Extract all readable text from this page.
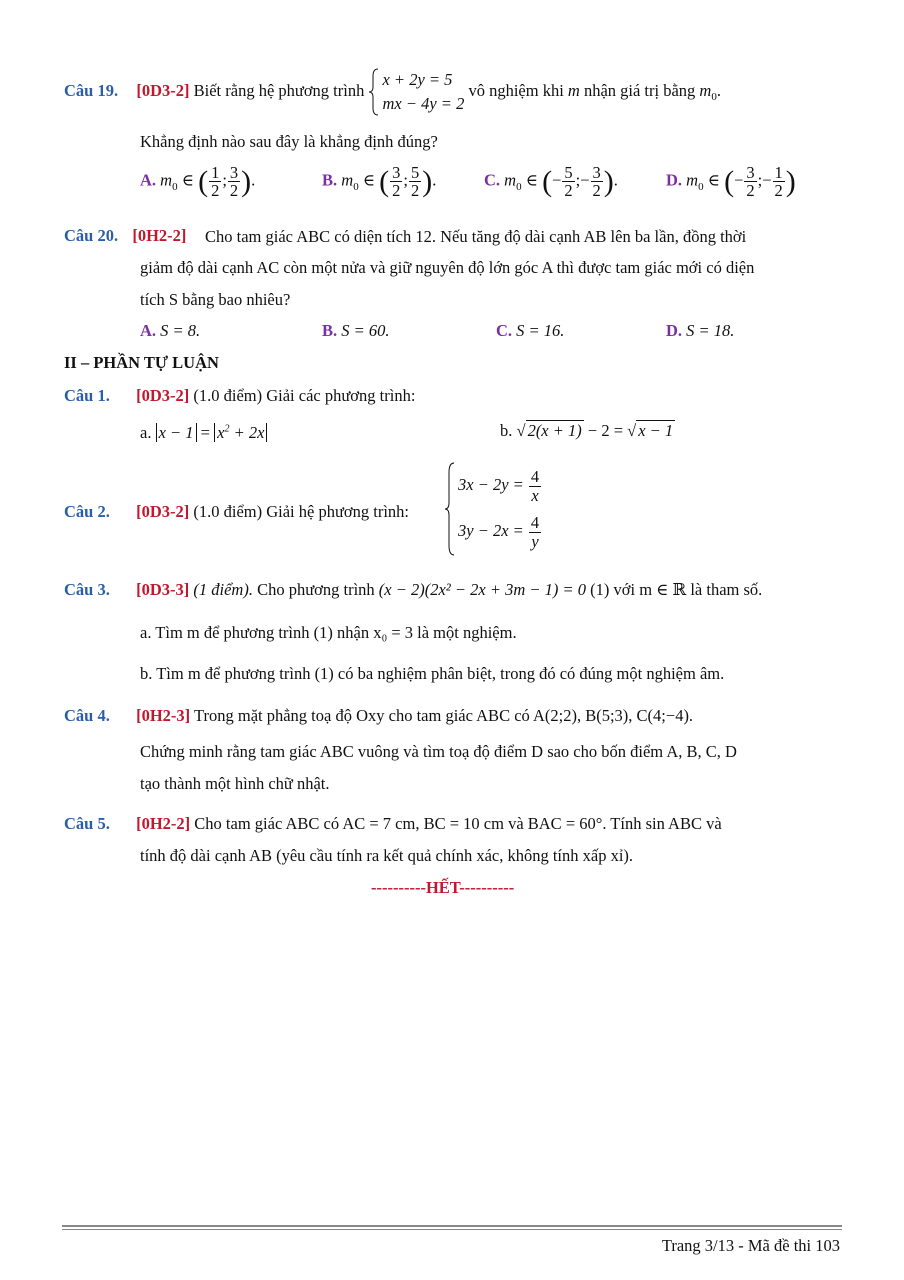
Câu 19. [0D3-2] Biết rằng hệ phương trình
x + 2y = 5
mx − 4y = 2
vô nghiệm khi m nhận giá trị bằng $m_0$.
Khẳng định nào sau đây là khẳng định đúng?
A. $m_0$ ∈ ( $\frac{1}{2}$ ; $\frac{3}{2}$ ).	B. $m_0$ ∈ ( $\frac{3}{2}$ ; $\frac{5}{2}$ ).	C. $m_0$ ∈ (− $\frac{5}{2}$ ;− $\frac{3}{2}$ ).	D. $m_0$ ∈ (− $\frac{3}{2}$ ;− $\frac{1}{2}$ )
Câu 20. [0H2-2] Cho tam giác ABC có diện tích 12. Nếu tăng độ dài cạnh AB lên ba lần, đồng thời
giảm độ dài cạnh AC còn một nửa và giữ nguyên độ lớn góc A thì được tam giác mới có diện
tích S bằng bao nhiêu?
A. S = 8.	B. S = 60.	C. S = 16.	D. S = 18.
II – PHẦN TỰ LUẬN
Câu 1. [0D3-2] (1.0 điểm) Giải các phương trình:
a. $x - 1 = x^2 + 2x$	b. √ 2(x + 1) − 2 = √ x − 1
Câu 2. [0D3-2] (1.0 điểm) Giải hệ phương trình:
$3x - 2y = \frac{4}{x}$
$3y - 2x = \frac{4}{y}$
Câu 3. [0D3-3] (1 điểm). Cho phương trình (x − 2)(2x² − 2x + 3m − 1) = 0 (1) với m ∈ ℝ là tham số.
a. Tìm m để phương trình (1) nhận x₀ = 3 là một nghiệm.
b. Tìm m để phương trình (1) có ba nghiệm phân biệt, trong đó có đúng một nghiệm âm.
Câu 4. [0H2-3] Trong mặt phẳng toạ độ Oxy cho tam giác ABC có A(2;2), B(5;3), C(4;−4).
Chứng minh rằng tam giác ABC vuông và tìm toạ độ điểm D sao cho bốn điểm A, B, C, D
tạo thành một hình chữ nhật.
Câu 5. [0H2-2] Cho tam giác ABC có AC = 7 cm, BC = 10 cm và BAC = 60°. Tính sin ABC và
tính độ dài cạnh AB (yêu cầu tính ra kết quả chính xác, không tính xấp xỉ).
----------HẾT----------
Trang 3/13 - Mã đề thi 103
